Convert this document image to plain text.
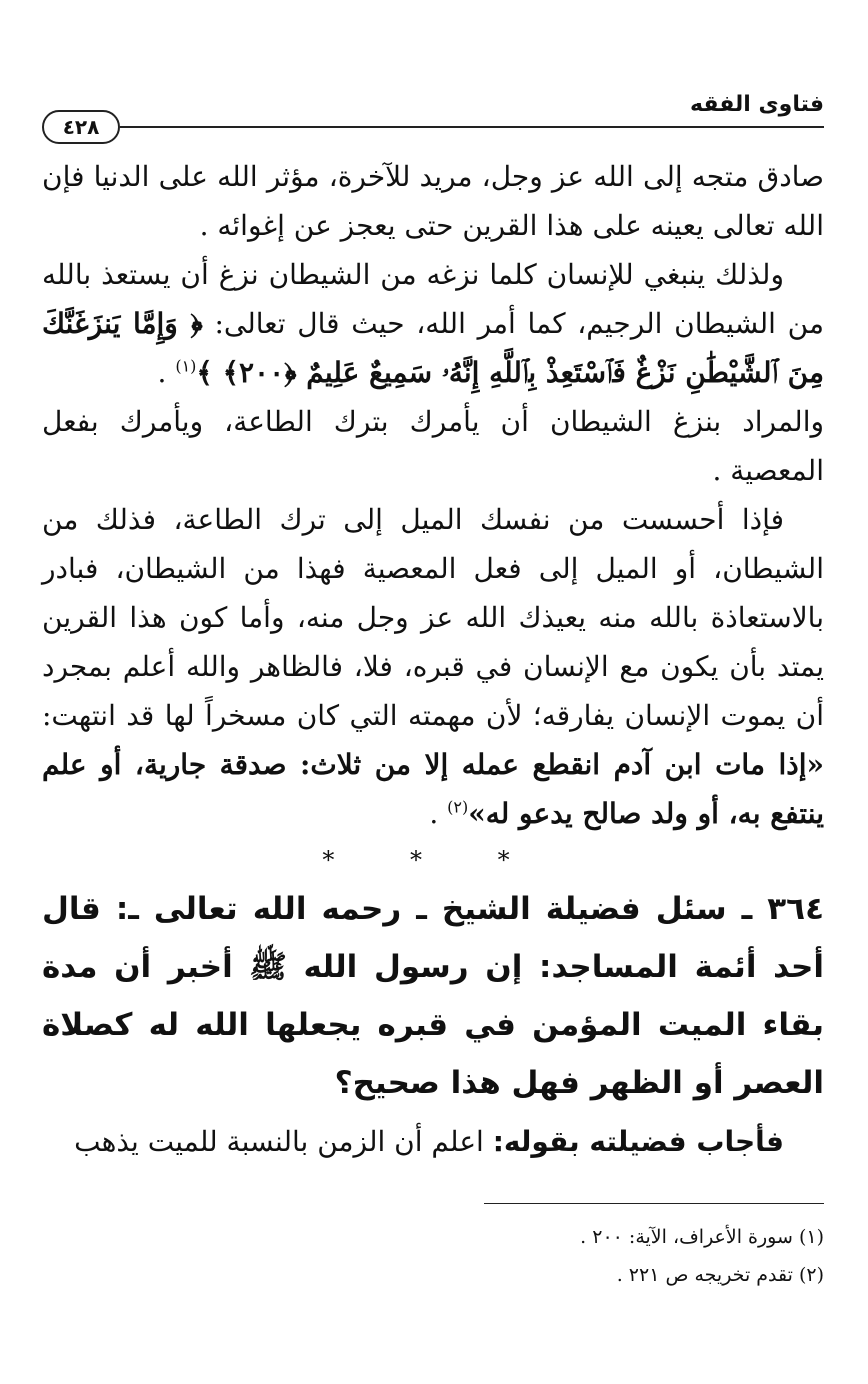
فتاوى الفقه
٤٢٨

صادق متجه إلى الله عز وجل، مريد للآخرة، مؤثر الله على الدنيا فإن الله تعالى يعينه على هذا القرين حتى يعجز عن إغوائه .

ولذلك ينبغي للإنسان كلما نزغه من الشيطان نزغ أن يستعذ بالله من الشيطان الرجيم، كما أمر الله، حيث قال تعالى: ﴿ وَإِمَّا يَنزَغَنَّكَ مِنَ ٱلشَّيْطَٰنِ نَزْغٌ فَٱسْتَعِذْ بِٱللَّهِ إِنَّهُۥ سَمِيعٌ عَلِيمٌ ﴿٢٠٠﴾ ﴾$^{(١)}$ .

والمراد بنزغ الشيطان أن يأمرك بترك الطاعة، ويأمرك بفعل المعصية .

فإذا أحسست من نفسك الميل إلى ترك الطاعة، فذلك من الشيطان، أو الميل إلى فعل المعصية فهذا من الشيطان، فبادر بالاستعاذة بالله منه يعيذك الله عز وجل منه، وأما كون هذا القرين يمتد بأن يكون مع الإنسان في قبره، فلا، فالظاهر والله أعلم بمجرد أن يموت الإنسان يفارقه؛ لأن مهمته التي كان مسخراً لها قد انتهت: «إذا مات ابن آدم انقطع عمله إلا من ثلاث: صدقة جارية، أو علم ينتفع به، أو ولد صالح يدعو له»$^{(٢)}$ .

* * *

٣٦٤ ـ سئل فضيلة الشيخ ـ رحمه الله تعالى ـ: قال أحد أئمة المساجد: إن رسول الله ﷺ أخبر أن مدة بقاء الميت المؤمن في قبره يجعلها الله له كصلاة العصر أو الظهر فهل هذا صحيح؟

فأجاب فضيلته بقوله: اعلم أن الزمن بالنسبة للميت يذهب

(١) سورة الأعراف، الآية: ٢٠٠ .

(٢) تقدم تخريجه ص ٢٢١ .
